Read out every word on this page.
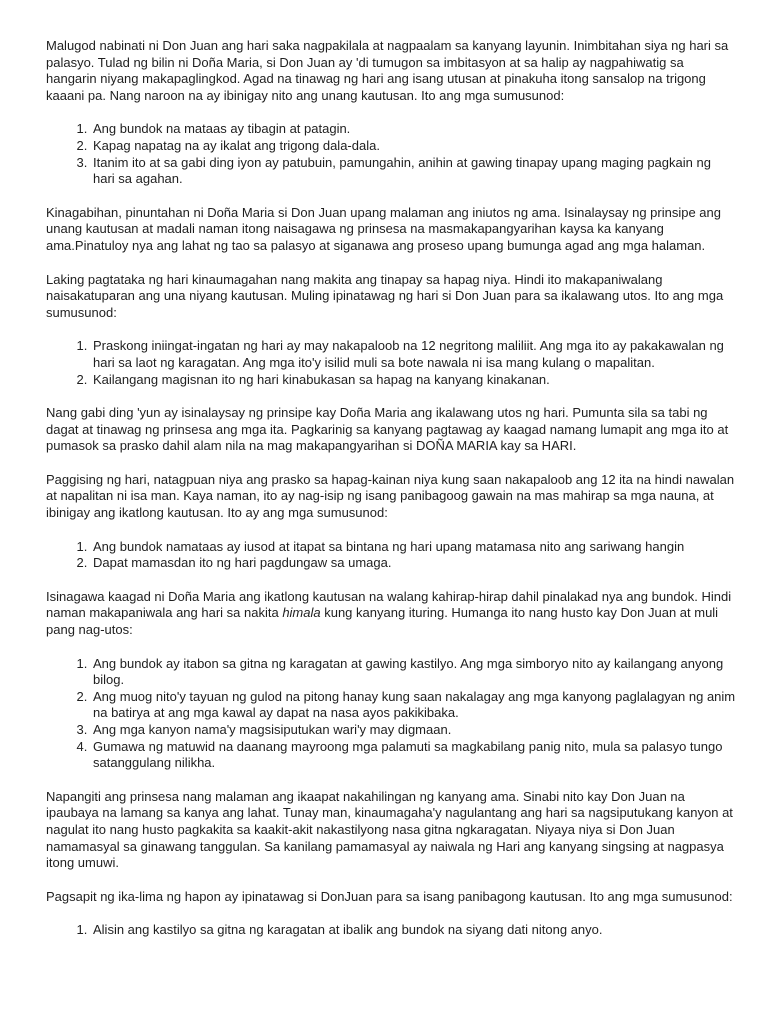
Malugod nabinati ni Don Juan ang hari saka nagpakilala at nagpaalam sa kanyang layunin. Inimbitahan siya ng hari sa palasyo. Tulad ng bilin ni Doña Maria, si Don Juan ay 'di tumugon sa imbitasyon at sa halip ay nagpahiwatig sa hangarin niyang makapaglingkod. Agad na tinawag ng hari ang isang utusan at pinakuha itong sansalop na trigong kaaani pa. Nang naroon na ay ibinigay nito ang unang kautusan. Ito ang mga sumusunod:

1. Ang bundok na mataas ay tibagin at patagin.
2. Kapag napatag na ay ikalat ang trigong dala-dala.
3. Itanim ito at sa gabi ding iyon ay patubuin, pamungahin, anihin at gawing tinapay upang maging pagkain ng hari sa agahan.

Kinagabihan, pinuntahan ni Doña Maria si Don Juan upang malaman ang iniutos ng ama. Isinalaysay ng prinsipe ang unang kautusan at madali naman itong naisagawa ng prinsesa na masmakapangyarihan kaysa ka kanyang ama.Pinatuloy nya ang lahat ng tao sa palasyo at siganawa ang proseso upang bumunga agad ang mga halaman.

Laking pagtataka ng hari kinaumagahan nang makita ang tinapay sa hapag niya. Hindi ito makapaniwalang naisakatuparan ang una niyang kautusan. Muling ipinatawag ng hari si Don Juan para sa ikalawang utos. Ito ang mga sumusunod:

1. Praskong iniingat-ingatan ng hari ay may nakapaloob na 12 negritong maliliit. Ang mga ito ay pakakawalan ng hari sa laot ng karagatan. Ang mga ito'y isilid muli sa bote nawala ni isa mang kulang o mapalitan.
2. Kailangang magisnan ito ng hari kinabukasan sa hapag na kanyang kinakanan.

Nang gabi ding 'yun ay isinalaysay ng prinsipe kay Doña Maria ang ikalawang utos ng hari. Pumunta sila sa tabi ng dagat at tinawag ng prinsesa ang mga ita. Pagkarinig sa kanyang pagtawag ay kaagad namang lumapit ang mga ito at pumasok sa prasko dahil alam nila na mag makapangyarihan si DOÑA MARIA kay sa HARI.

Paggising ng hari, natagpuan niya ang prasko sa hapag-kainan niya kung saan nakapaloob ang 12 ita na hindi nawalan at napalitan ni isa man. Kaya naman, ito ay nag-isip ng isang panibagoog gawain na mas mahirap sa mga nauna, at ibinigay ang ikatlong kautusan. Ito ay ang mga sumusunod:

1. Ang bundok namataas ay iusod at itapat sa bintana ng hari upang matamasa nito ang sariwang hangin
2. Dapat mamasdan ito ng hari pagdungaw sa umaga.

Isinagawa kaagad ni Doña Maria ang ikatlong kautusan na walang kahirap-hirap dahil pinalakad nya ang bundok. Hindi naman makapaniwala ang hari sa nakita himala kung kanyang ituring. Humanga ito nang husto kay Don Juan at muli pang nag-utos:

1. Ang bundok ay itabon sa gitna ng karagatan at gawing kastilyo. Ang mga simboryo nito ay kailangang anyong bilog.
2. Ang muog nito'y tayuan ng gulod na pitong hanay kung saan nakalagay ang mga kanyong paglalagyan ng anim na batirya at ang mga kawal ay dapat na nasa ayos pakikibaka.
3. Ang mga kanyon nama'y magsisiputukan wari'y may digmaan.
4. Gumawa ng matuwid na daanang mayroong mga palamuti sa magkabilang panig nito, mula sa palasyo tungo satanggulang nilikha.

Napangiti ang prinsesa nang malaman ang ikaapat nakahilingan ng kanyang ama. Sinabi nito kay Don Juan na ipaubaya na lamang sa kanya ang lahat. Tunay man, kinaumagaha'y nagulantang ang hari sa nagsiputukang kanyon at nagulat ito nang husto pagkakita sa kaakit-akit nakastilyong nasa gitna ngkaragatan. Niyaya niya si Don Juan namamasyal sa ginawang tanggulan. Sa kanilang pamamasyal ay naiwala ng Hari ang kanyang singsing at nagpasya itong umuwi.

Pagsapit ng ika-lima ng hapon ay ipinatawag si DonJuan para sa isang panibagong kautusan. Ito ang mga sumusunod:

1. Alisin ang kastilyo sa gitna ng karagatan at ibalik ang bundok na siyang dati nitong anyo.
